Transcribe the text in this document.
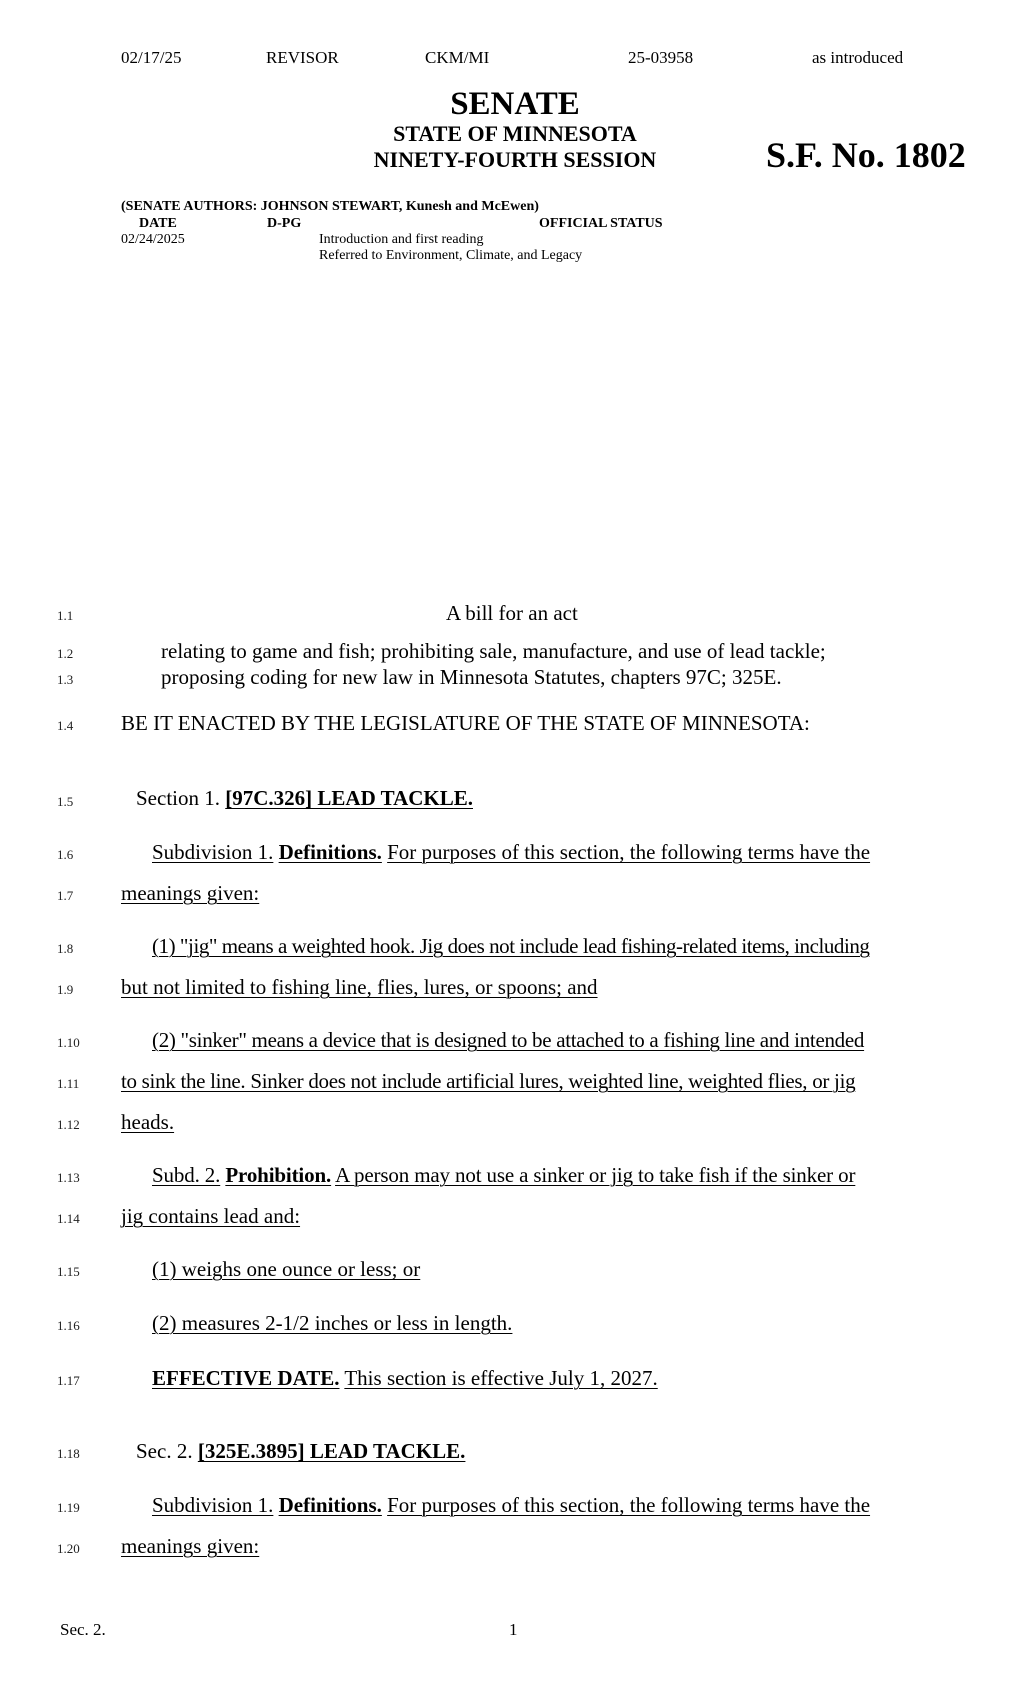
02/17/25	REVISOR	CKM/MI	25-03958	as introduced
SENATE
STATE OF MINNESOTA
NINETY-FOURTH SESSION	S.F. No. 1802
(SENATE AUTHORS: JOHNSON STEWART, Kunesh and McEwen)
DATE	D-PG	OFFICIAL STATUS
02/24/2025	Introduction and first reading
Referred to Environment, Climate, and Legacy
1.1	A bill for an act
1.2	relating to game and fish; prohibiting sale, manufacture, and use of lead tackle;
1.3	proposing coding for new law in Minnesota Statutes, chapters 97C; 325E.
1.4 BE IT ENACTED BY THE LEGISLATURE OF THE STATE OF MINNESOTA:
1.5	Section 1. [97C.326] LEAD TACKLE.
1.6	Subdivision 1. Definitions. For purposes of this section, the following terms have the
1.7 meanings given:
1.8	(1) "jig" means a weighted hook. Jig does not include lead fishing-related items, including
1.9 but not limited to fishing line, flies, lures, or spoons; and
1.10	(2) "sinker" means a device that is designed to be attached to a fishing line and intended
1.11 to sink the line. Sinker does not include artificial lures, weighted line, weighted flies, or jig
1.12 heads.
1.13	Subd. 2. Prohibition. A person may not use a sinker or jig to take fish if the sinker or
1.14 jig contains lead and:
1.15	(1) weighs one ounce or less; or
1.16	(2) measures 2-1/2 inches or less in length.
1.17	EFFECTIVE DATE. This section is effective July 1, 2027.
1.18	Sec. 2. [325E.3895] LEAD TACKLE.
1.19	Subdivision 1. Definitions. For purposes of this section, the following terms have the
1.20 meanings given:
Sec. 2.	1
